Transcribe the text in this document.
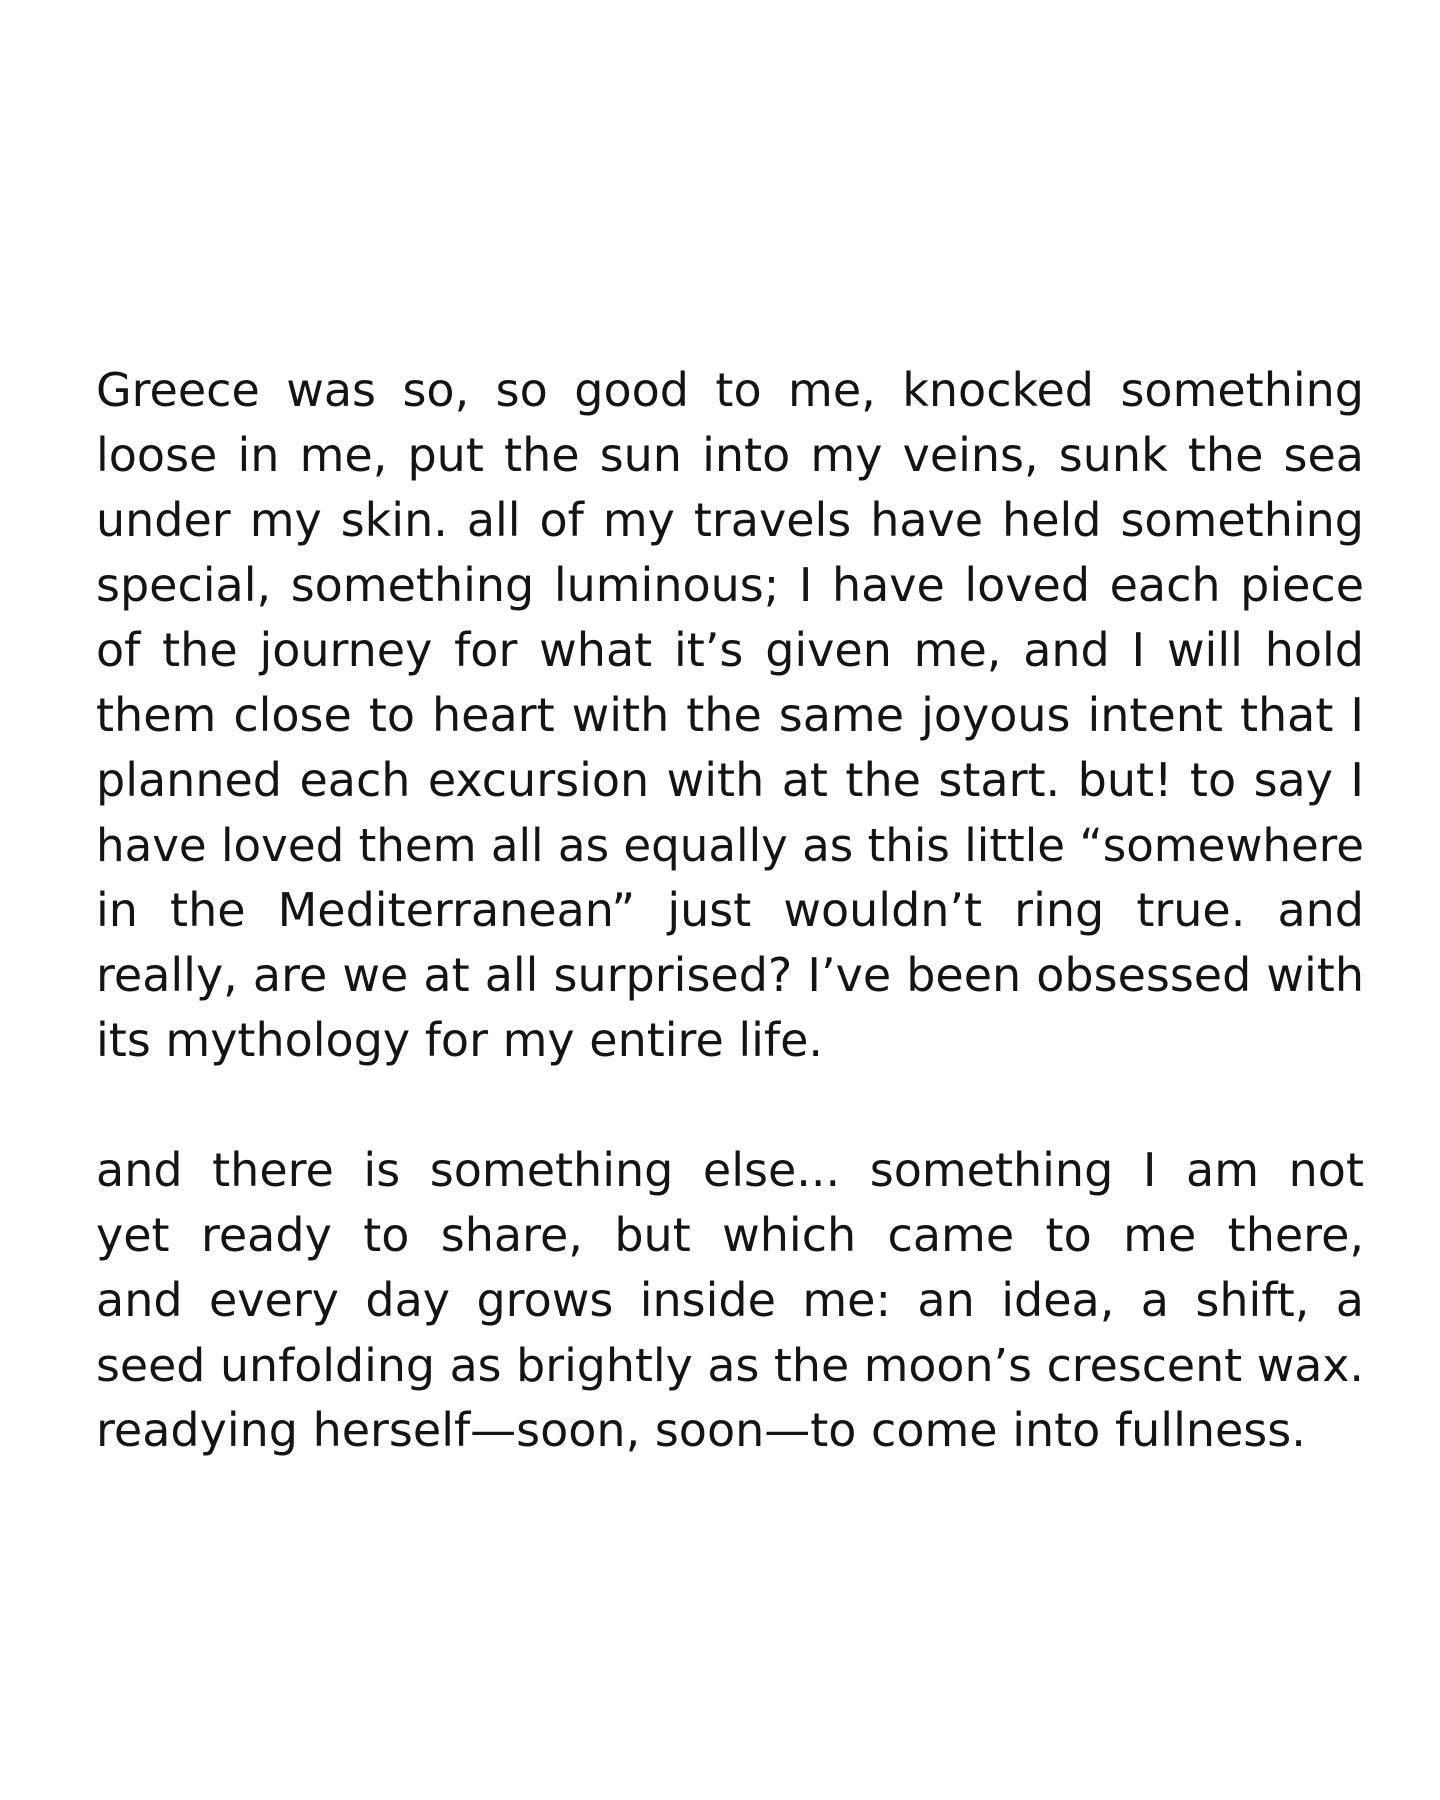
Greece was so, so good to me, knocked something
loose in me, put the sun into my veins, sunk the sea
under my skin. all of my travels have held something
special, something luminous; I have loved each piece
of the journey for what it’s given me, and I will hold
them close to heart with the same joyous intent that I
planned each excursion with at the start. but! to say I
have loved them all as equally as this little “somewhere
in the Mediterranean” just wouldn’t ring true. and
really, are we at all surprised? I’ve been obsessed with
its mythology for my entire life.

and there is something else... something I am not
yet ready to share, but which came to me there,
and every day grows inside me: an idea, a shift, a
seed unfolding as brightly as the moon’s crescent wax.
readying herself—soon, soon—to come into fullness.
